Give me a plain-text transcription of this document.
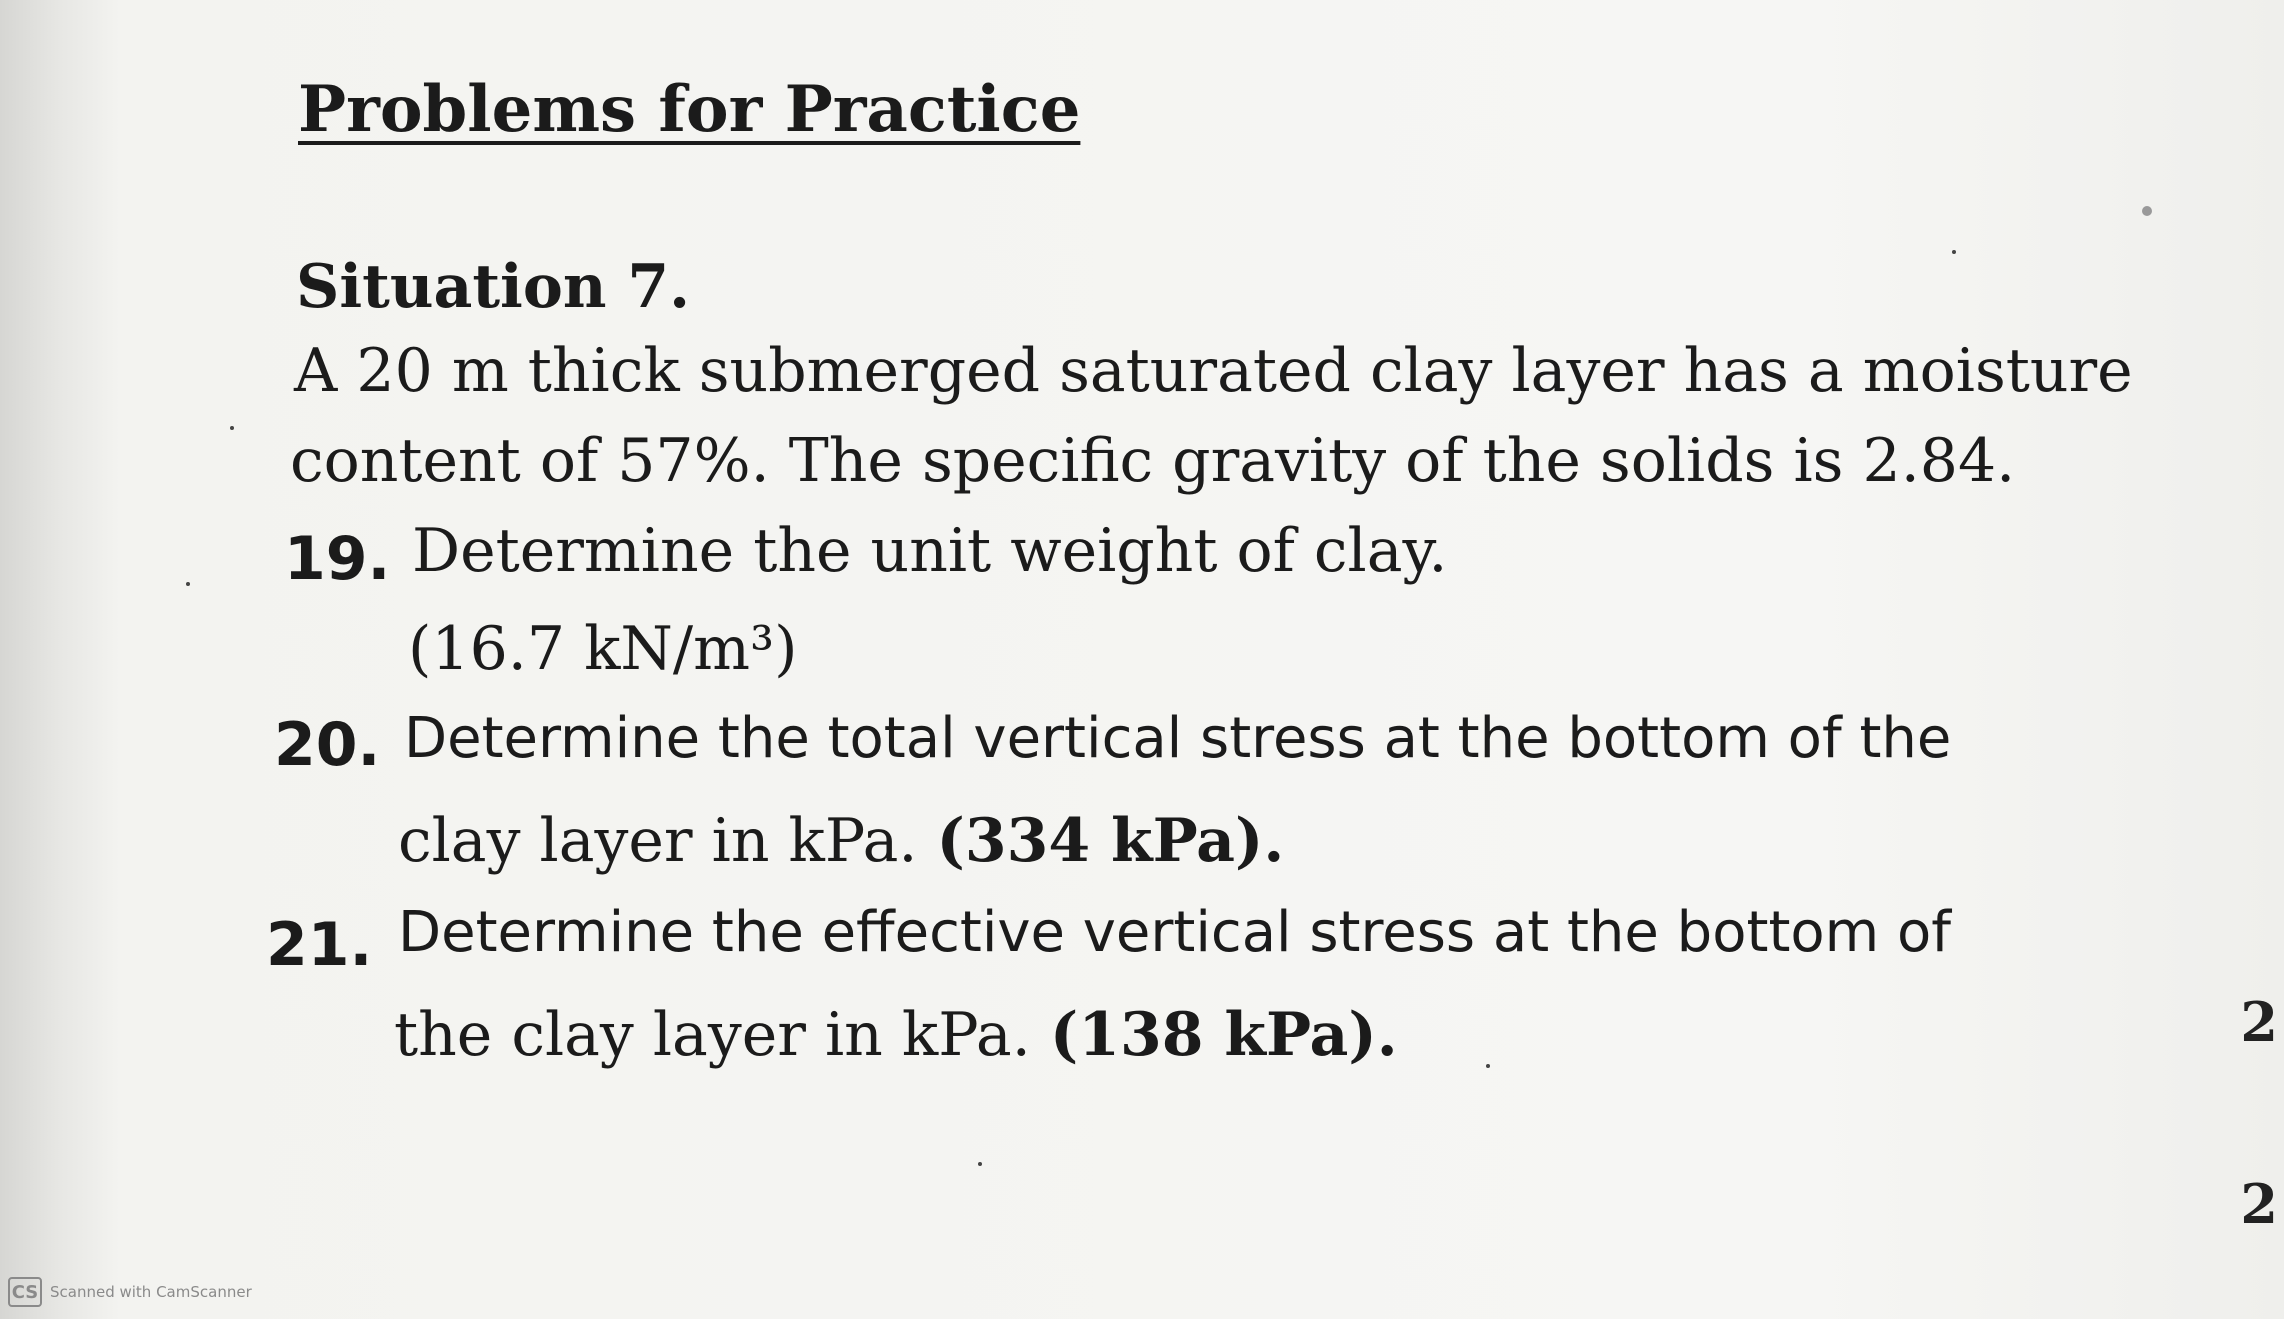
Problems for Practice
Situation 7.
A 20 m thick submerged saturated clay layer has a moisture
content of 57%. The specific gravity of the solids is 2.84.
19. Determine the unit weight of clay.
(16.7 kN/m³)
20. Determine the total vertical stress at the bottom of the
clay layer in kPa. (334 kPa).
21. Determine the effective vertical stress at the bottom of
the clay layer in kPa. (138 kPa).	2
2
CS Scanned with CamScanner
